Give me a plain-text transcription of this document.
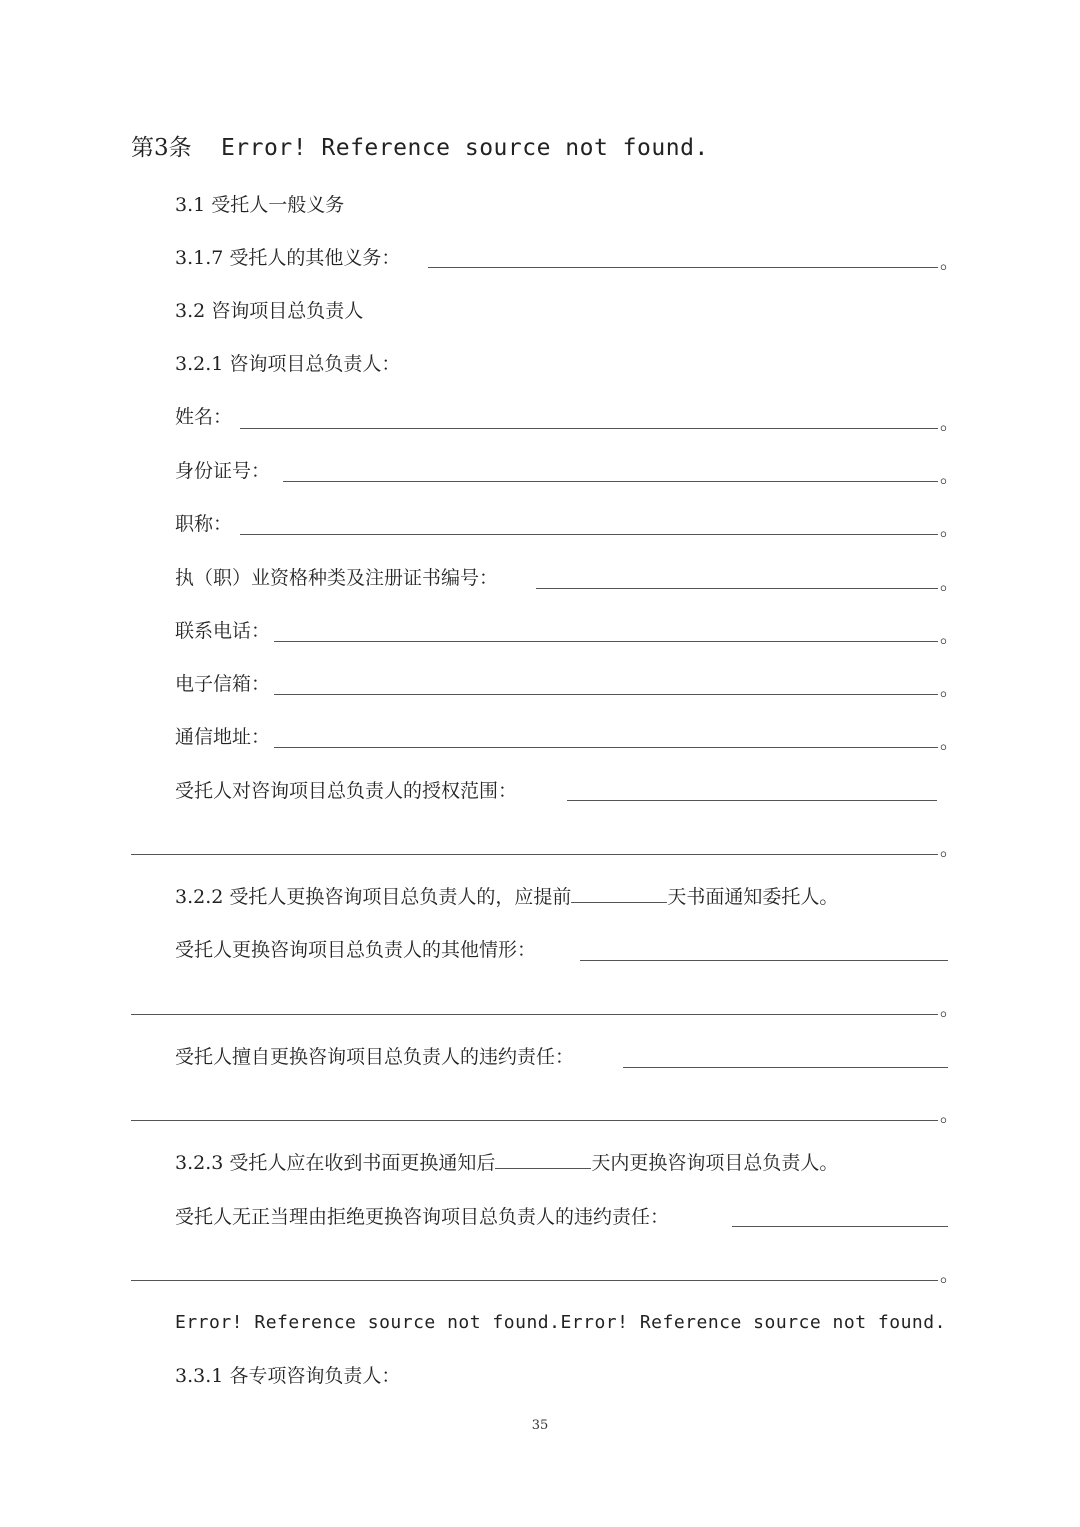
第3条 Error! Reference source not found.
3.1 受托人一般义务
3.1.7 受托人的其他义务：	。
3.2 咨询项目总负责人
3.2.1 咨询项目总负责人：
姓名：	。
身份证号：	。
职称：	。
执（职）业资格种类及注册证书编号：	。
联系电话：	。
电子信箱：	。
通信地址：	。
受托人对咨询项目总负责人的授权范围：
。
3.2.2 受托人更换咨询项目总负责人的，应提前	天书面通知委托人。
受托人更换咨询项目总负责人的其他情形：
。
受托人擅自更换咨询项目总负责人的违约责任：
。
3.2.3 受托人应在收到书面更换通知后	天内更换咨询项目总负责人。
受托人无正当理由拒绝更换咨询项目总负责人的违约责任：
。
Error! Reference source not found.Error! Reference source not found.
3.3.1 各专项咨询负责人：
35
